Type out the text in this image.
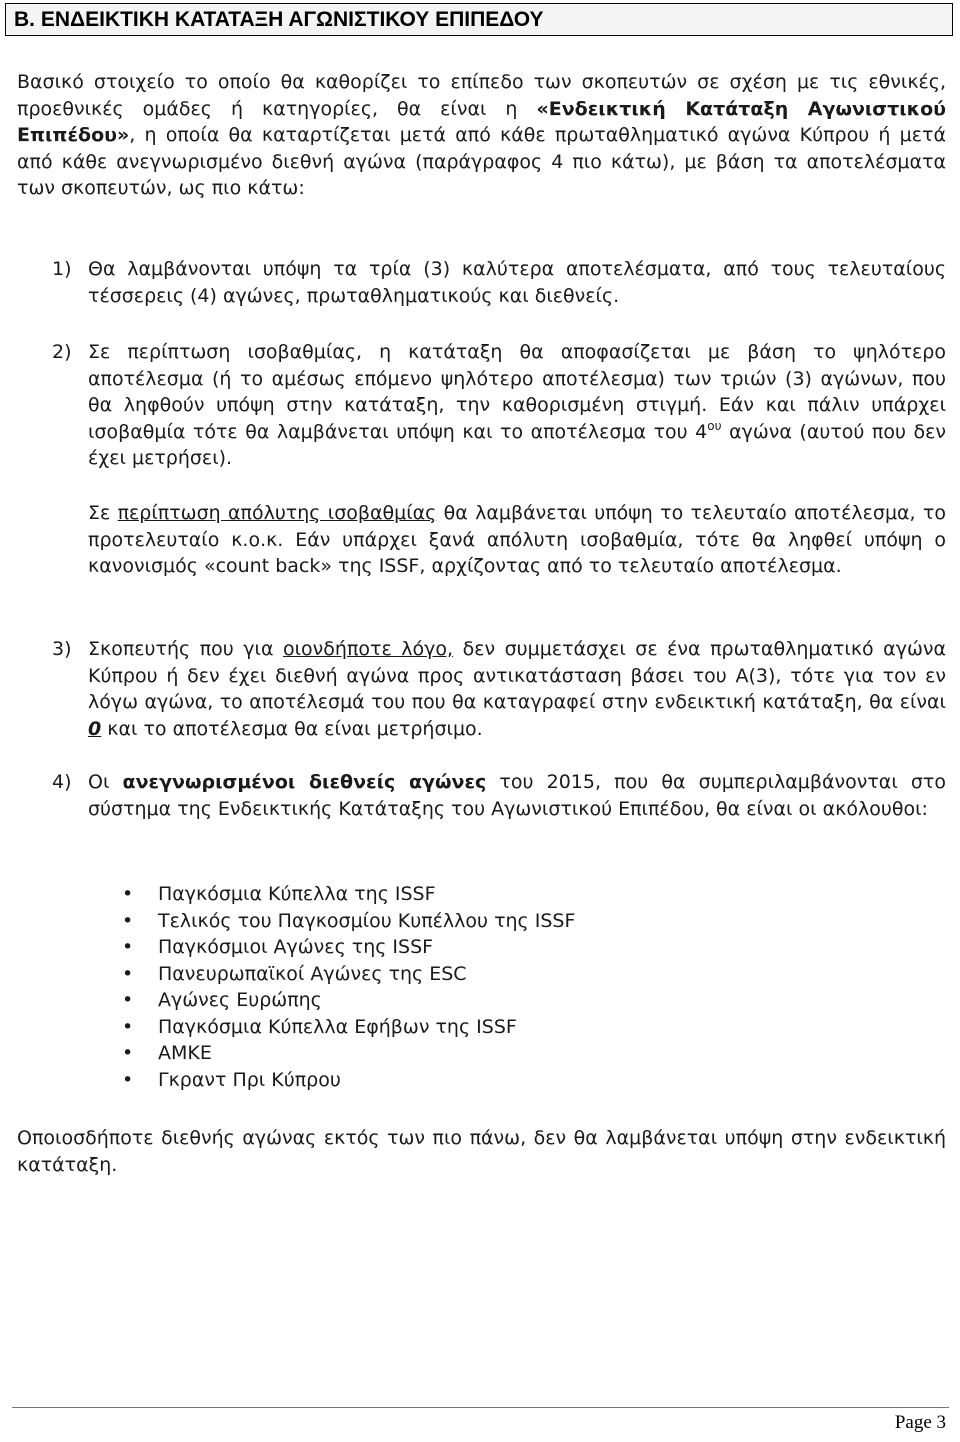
Β. ΕΝΔΕΙΚΤΙΚΗ ΚΑΤΑΤΑΞΗ ΑΓΩΝΙΣΤΙΚΟΥ ΕΠΙΠΕΔΟΥ
Βασικό στοιχείο το οποίο θα καθορίζει το επίπεδο των σκοπευτών σε σχέση με τις εθνικές, προεθνικές ομάδες ή κατηγορίες, θα είναι η «Ενδεικτική Κατάταξη Αγωνιστικού Επιπέδου», η οποία θα καταρτίζεται μετά από κάθε πρωταθληματικό αγώνα Κύπρου ή μετά από κάθε ανεγνωρισμένο διεθνή αγώνα (παράγραφος 4 πιο κάτω), με βάση τα αποτελέσματα των σκοπευτών, ως πιο κάτω:
1) Θα λαμβάνονται υπόψη τα τρία (3) καλύτερα αποτελέσματα, από τους τελευταίους τέσσερεις (4) αγώνες, πρωταθληματικούς και διεθνείς.
2) Σε περίπτωση ισοβαθμίας, η κατάταξη θα αποφασίζεται με βάση το ψηλότερο αποτέλεσμα (ή το αμέσως επόμενο ψηλότερο αποτέλεσμα) των τριών (3) αγώνων, που θα ληφθούν υπόψη στην κατάταξη, την καθορισμένη στιγμή. Εάν και πάλιν υπάρχει ισοβαθμία τότε θα λαμβάνεται υπόψη και το αποτέλεσμα του $4^{o\upsilon}$ αγώνα (αυτού που δεν έχει μετρήσει).
Σε περίπτωση απόλυτης ισοβαθμίας θα λαμβάνεται υπόψη το τελευταίο αποτέλεσμα, το προτελευταίο κ.ο.κ. Εάν υπάρχει ξανά απόλυτη ισοβαθμία, τότε θα ληφθεί υπόψη ο κανονισμός «count back» της ISSF, αρχίζοντας από το τελευταίο αποτέλεσμα.
3) Σκοπευτής που για οιονδήποτε λόγο, δεν συμμετάσχει σε ένα πρωταθληματικό αγώνα Κύπρου ή δεν έχει διεθνή αγώνα προς αντικατάσταση βάσει του Α(3), τότε για τον εν λόγω αγώνα, το αποτέλεσμά του που θα καταγραφεί στην ενδεικτική κατάταξη, θα είναι 0 και το αποτέλεσμα θα είναι μετρήσιμο.
4) Οι ανεγνωρισμένοι διεθνείς αγώνες του 2015, που θα συμπεριλαμβάνονται στο σύστημα της Ενδεικτικής Κατάταξης του Αγωνιστικού Επιπέδου, θα είναι οι ακόλουθοι:
• Παγκόσμια Κύπελλα της ISSF
• Τελικός του Παγκοσμίου Κυπέλλου της ISSF
• Παγκόσμιοι Αγώνες της ISSF
• Πανευρωπαϊκοί Αγώνες της ESC
• Αγώνες Ευρώπης
• Παγκόσμια Κύπελλα Εφήβων της ISSF
• ΑΜΚΕ
• Γκραντ Πρι Κύπρου
Οποιοσδήποτε διεθνής αγώνας εκτός των πιο πάνω, δεν θα λαμβάνεται υπόψη στην ενδεικτική κατάταξη.
Page 3
